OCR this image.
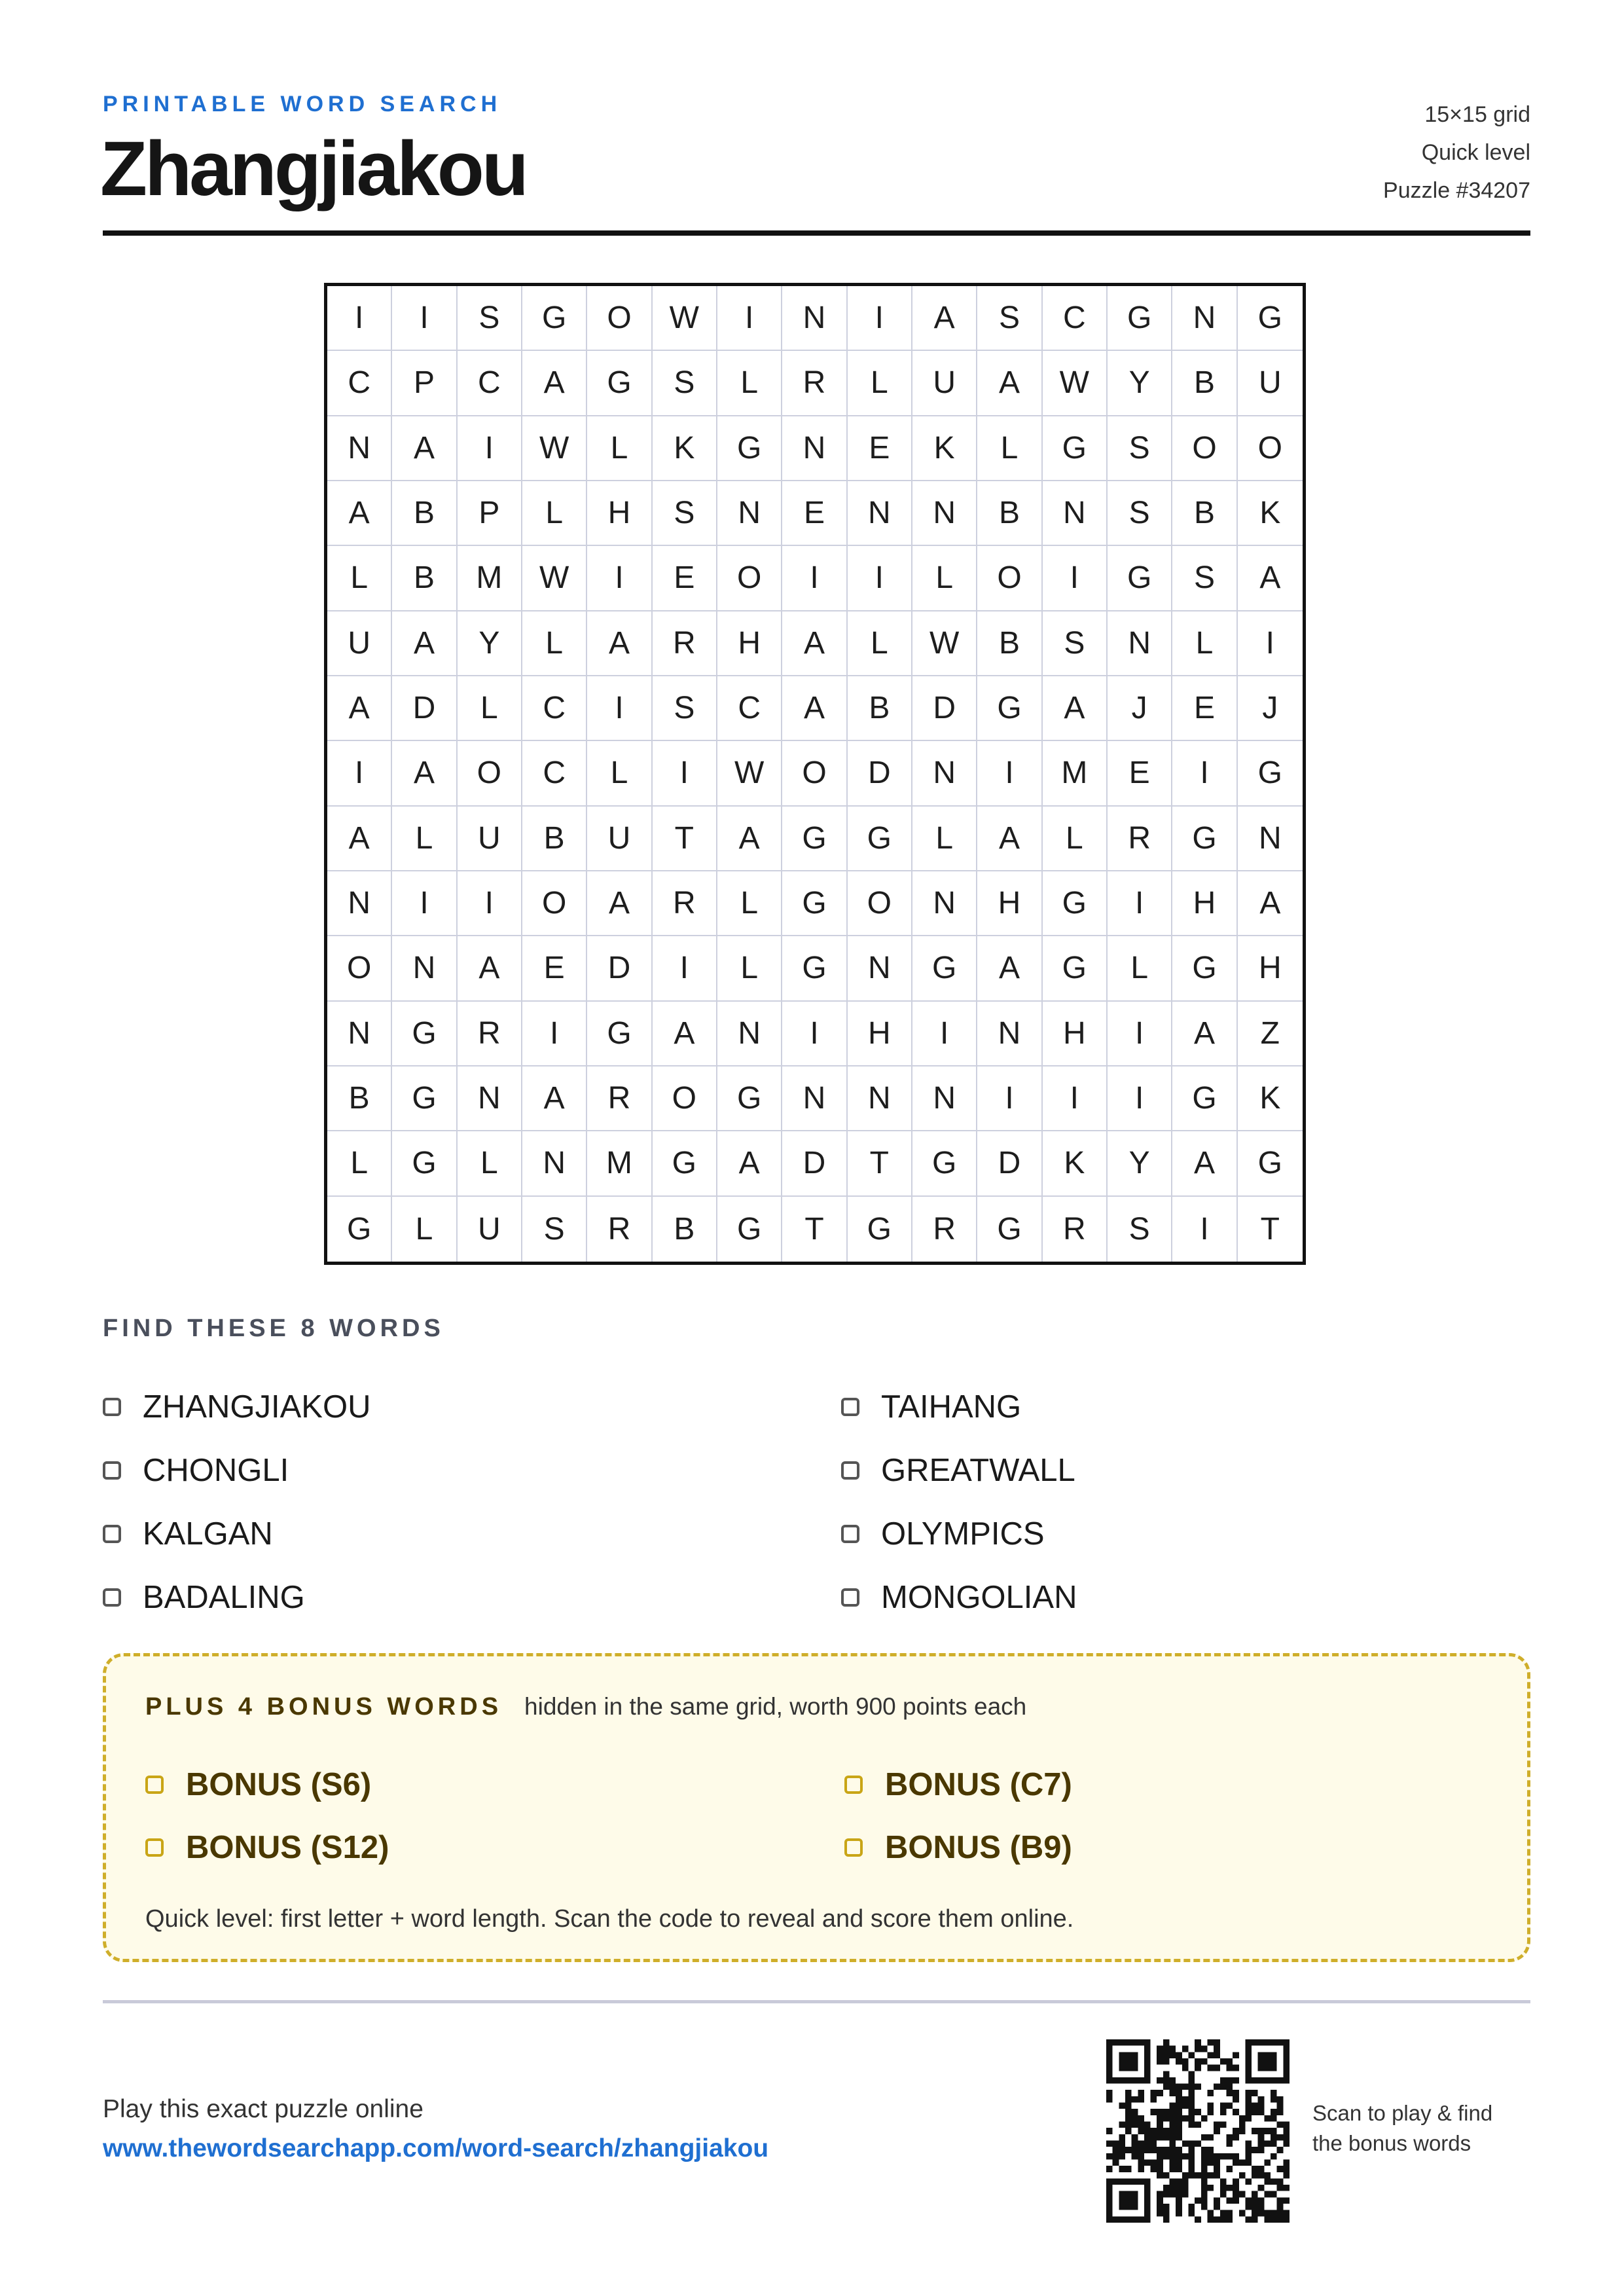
PRINTABLE WORD SEARCH
Zhangjiakou
15×15 grid
Quick level
Puzzle #34207
I	I	S	G	O	W	I	N	I	A	S	C	G	N	G
C	P	C	A	G	S	L	R	L	U	A	W	Y	B	U
N	A	I	W	L	K	G	N	E	K	L	G	S	O	O
A	B	P	L	H	S	N	E	N	N	B	N	S	B	K
L	B	M	W	I	E	O	I	I	L	O	I	G	S	A
U	A	Y	L	A	R	H	A	L	W	B	S	N	L	I
A	D	L	C	I	S	C	A	B	D	G	A	J	E	J
I	A	O	C	L	I	W	O	D	N	I	M	E	I	G
A	L	U	B	U	T	A	G	G	L	A	L	R	G	N
N	I	I	O	A	R	L	G	O	N	H	G	I	H	A
O	N	A	E	D	I	L	G	N	G	A	G	L	G	H
N	G	R	I	G	A	N	I	H	I	N	H	I	A	Z
B	G	N	A	R	O	G	N	N	N	I	I	I	G	K
L	G	L	N	M	G	A	D	T	G	D	K	Y	A	G
G	L	U	S	R	B	G	T	G	R	G	R	S	I	T
FIND THESE 8 WORDS
ZHANGJIAKOU
CHONGLI
KALGAN
BADALING
TAIHANG
GREATWALL
OLYMPICS
MONGOLIAN
PLUS 4 BONUS WORDS hidden in the same grid, worth 900 points each
BONUS (S6)
BONUS (S12)
BONUS (C7)
BONUS (B9)
Quick level: first letter + word length. Scan the code to reveal and score them online.
Play this exact puzzle online
www.thewordsearchapp.com/word-search/zhangjiakou
Scan to play & find
the bonus words
